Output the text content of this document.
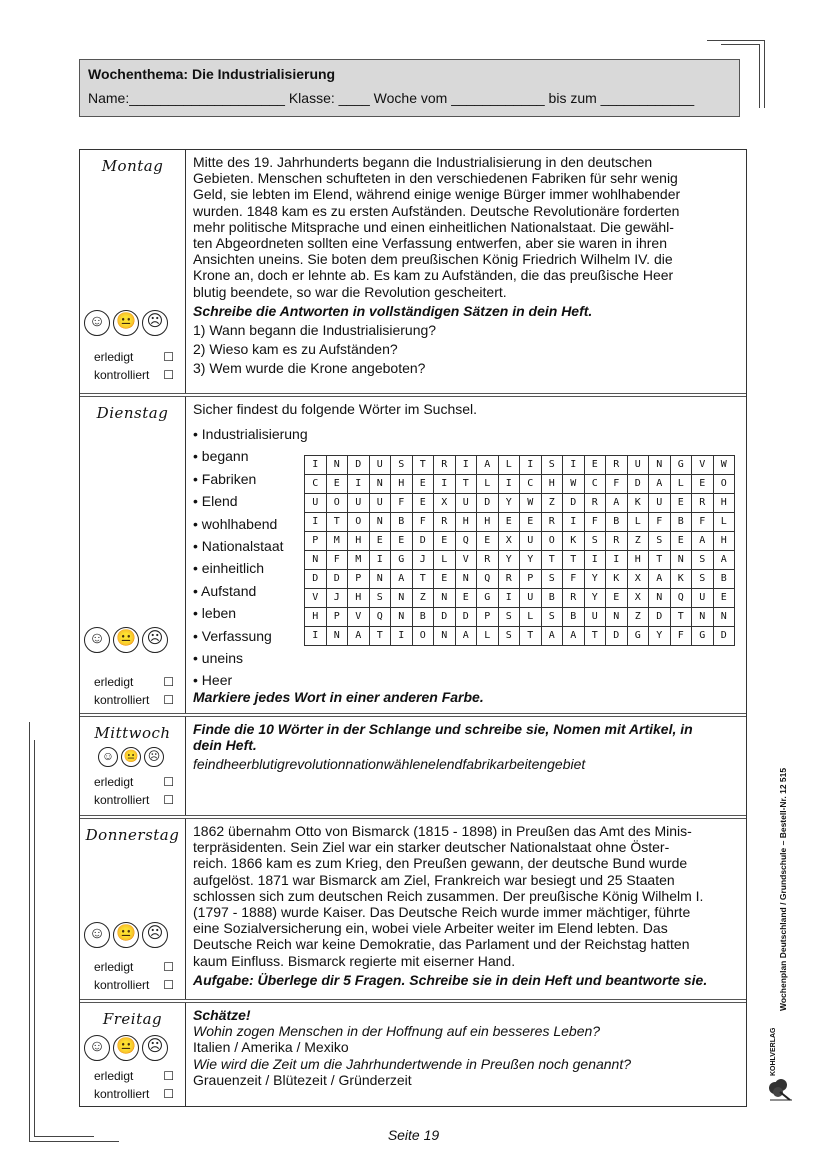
Wochenthema: Die Industrialisierung
Name:____________________ Klasse: ____ Woche vom ____________ bis zum ____________
Montag
☺ 😐 ☹
erledigt ☐
kontrolliert ☐
Mitte des 19. Jahrhunderts begann die Industrialisierung in den deutschen
Gebieten. Menschen schufteten in den verschiedenen Fabriken für sehr wenig
Geld, sie lebten im Elend, während einige wenige Bürger immer wohlhabender
wurden. 1848 kam es zu ersten Aufständen. Deutsche Revolutionäre forderten
mehr politische Mitsprache und einen einheitlichen Nationalstaat. Die gewähl-
ten Abgeordneten sollten eine Verfassung entwerfen, aber sie waren in ihren
Ansichten uneins. Sie boten dem preußischen König Friedrich Wilhelm IV. die
Krone an, doch er lehnte ab. Es kam zu Aufständen, die das preußische Heer
blutig beendete, so war die Revolution gescheitert.
Schreibe die Antworten in vollständigen Sätzen in dein Heft.
1) Wann begann die Industrialisierung?
2) Wieso kam es zu Aufständen?
3) Wem wurde die Krone angeboten?
Dienstag
☺ 😐 ☹
erledigt ☐
kontrolliert ☐
Sicher findest du folgende Wörter im Suchsel.
• Industrialisierung
• begann
• Fabriken
• Elend
• wohlhabend
• Nationalstaat
• einheitlich
• Aufstand
• leben
• Verfassung
• uneins
• Heer
I	N	D	U	S	T	R	I	A	L	I	S	I	E	R	U	N	G	V	W
C	E	I	N	H	E	I	T	L	I	C	H	W	C	F	D	A	L	E	O
U	O	U	U	F	E	X	U	D	Y	W	Z	D	R	A	K	U	E	R	H
I	T	O	N	B	F	R	H	H	E	E	R	I	F	B	L	F	B	F	L
P	M	H	E	E	D	E	Q	E	X	U	O	K	S	R	Z	S	E	A	H
N	F	M	I	G	J	L	V	R	Y	Y	T	T	I	I	H	T	N	S	A
D	D	P	N	A	T	E	N	Q	R	P	S	F	Y	K	X	A	K	S	B
V	J	H	S	N	Z	N	E	G	I	U	B	R	Y	E	X	N	Q	U	E
H	P	V	Q	N	B	D	D	P	S	L	S	B	U	N	Z	D	T	N	N
I	N	A	T	I	O	N	A	L	S	T	A	A	T	D	G	Y	F	G	D
Markiere jedes Wort in einer anderen Farbe.
Mittwoch
☺ 😐 ☹
erledigt ☐
kontrolliert ☐
Finde die 10 Wörter in der Schlange und schreibe sie, Nomen mit Artikel, in
dein Heft.
feindheerblutigrevolutionnationwählenelendfabrikarbeitengebiet
Donnerstag
☺ 😐 ☹
erledigt ☐
kontrolliert ☐
1862 übernahm Otto von Bismarck (1815 - 1898) in Preußen das Amt des Minis-
terpräsidenten. Sein Ziel war ein starker deutscher Nationalstaat ohne Öster-
reich. 1866 kam es zum Krieg, den Preußen gewann, der deutsche Bund wurde
aufgelöst. 1871 war Bismarck am Ziel, Frankreich war besiegt und 25 Staaten
schlossen sich zum deutschen Reich zusammen. Der preußische König Wilhelm I.
(1797 - 1888) wurde Kaiser. Das Deutsche Reich wurde immer mächtiger, führte
eine Sozialversicherung ein, wobei viele Arbeiter weiter im Elend lebten. Das
Deutsche Reich war keine Demokratie, das Parlament und der Reichstag hatten
kaum Einfluss. Bismarck regierte mit eiserner Hand.
Aufgabe: Überlege dir 5 Fragen. Schreibe sie in dein Heft und beantworte sie.
Freitag
☺ 😐 ☹
erledigt ☐
kontrolliert ☐
Schätze!
Wohin zogen Menschen in der Hoffnung auf ein besseres Leben?
Italien / Amerika / Mexiko
Wie wird die Zeit um die Jahrhundertwende in Preußen noch genannt?
Grauenzeit / Blütezeit / Gründerzeit
Wochenplan Deutschland / Grundschule – Bestell-Nr. 12 515
KOHLVERLAG
Seite 19
